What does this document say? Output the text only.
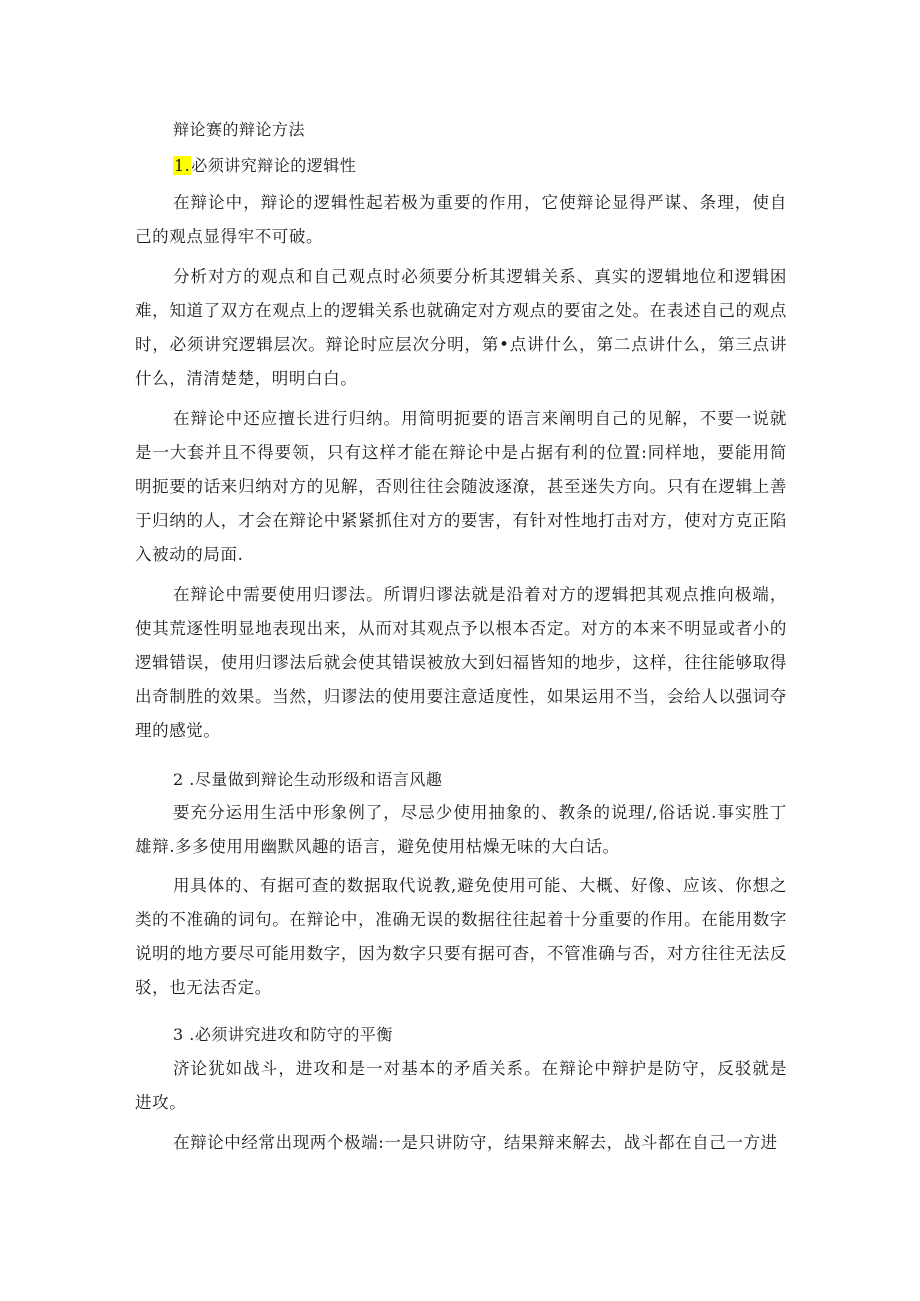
辩论赛的辩论方法
1.必须讲究辩论的逻辑性
在辩论中，辩论的逻辑性起若极为重要的作用，它使辩论显得严谋、条理，使自己的观点显得牢不可破。
分析对方的观点和自己观点时必须要分析其逻辑关系、真实的逻辑地位和逻辑困难，知道了双方在观点上的逻辑关系也就确定对方观点的要宙之处。在表述自己的观点时，必须讲究逻辑层次。辩论时应层次分明，第•点讲什么，第二点讲什么，第三点讲什么，清清楚楚，明明白白。
在辩论中还应擅长进行归纳。用简明扼要的语言来阐明自己的见解，不要一说就是一大套并且不得要领，只有这样才能在辩论中是占据有利的位置:同样地，要能用简明扼要的话来归纳对方的见解，否则往往会随波逐潦，甚至迷失方向。只有在逻辑上善于归纳的人，才会在辩论中紧紧抓住对方的要害，有针对性地打击对方，使对方克正陷入被动的局面.
在辩论中需要使用归谬法。所谓归谬法就是沿着对方的逻辑把其观点推向极端，使其荒逐性明显地表现出来，从而对其观点予以根本否定。对方的本来不明显或者小的逻辑错误，使用归谬法后就会使其错误被放大到妇福皆知的地步，这样，往往能够取得出奇制胜的效果。当然，归谬法的使用要注意适度性，如果运用不当，会给人以强词夺理的感觉。
2 .尽量做到辩论生动形级和语言风趣
要充分运用生活中形象例了，尽忌少使用抽象的、教条的说理/,俗话说.事实胜丁雄辩.多多使用用幽默风趣的语言，避免使用枯燥无味的大白话。
用具体的、有据可查的数据取代说教,避免使用可能、大概、好像、应该、你想之类的不准确的词句。在辩论中，准确无误的数据往往起着十分重要的作用。在能用数字说明的地方要尽可能用数字，因为数字只要有据可杳，不管准确与否，对方往往无法反驳，也无法否定。
3 .必须讲究进攻和防守的平衡
济论犹如战斗，进攻和是一对基本的矛盾关系。在辩论中辩护是防守，反驳就是进攻。
在辩论中经常出现两个极端:一是只讲防守，结果辩来解去，战斗都在自己一方进
